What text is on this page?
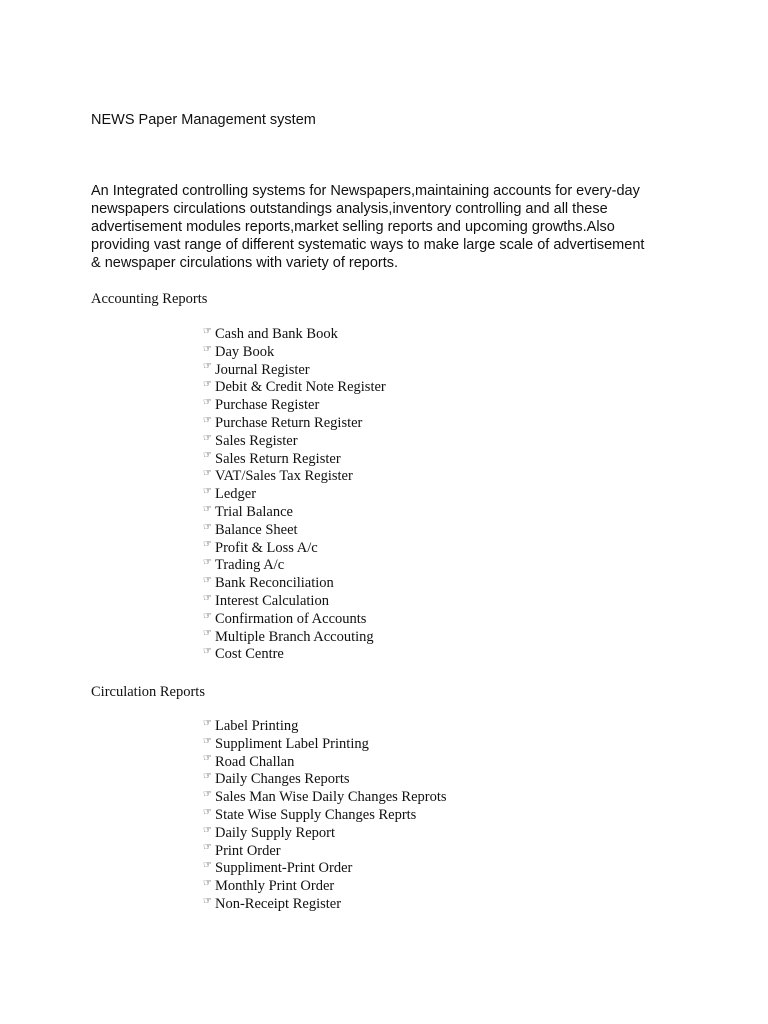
NEWS Paper Management system
An Integrated controlling systems for Newspapers,maintaining accounts for every-day
newspapers circulations outstandings analysis,inventory controlling and all these
advertisement modules reports,market selling reports and upcoming growths.Also
providing vast range of different systematic ways to make large scale of advertisement
& newspaper circulations with variety of reports.
Accounting Reports
☞ Cash and Bank Book
☞ Day Book
☞ Journal Register
☞ Debit & Credit Note Register
☞ Purchase Register
☞ Purchase Return Register
☞ Sales Register
☞ Sales Return Register
☞ VAT/Sales Tax Register
☞ Ledger
☞ Trial Balance
☞ Balance Sheet
☞ Profit & Loss A/c
☞ Trading A/c
☞ Bank Reconciliation
☞ Interest Calculation
☞ Confirmation of Accounts
☞ Multiple Branch Accouting
☞ Cost Centre
Circulation Reports
☞ Label Printing
☞ Suppliment Label Printing
☞ Road Challan
☞ Daily Changes Reports
☞ Sales Man Wise Daily Changes Reprots
☞ State Wise Supply Changes Reprts
☞ Daily Supply Report
☞ Print Order
☞ Suppliment-Print Order
☞ Monthly Print Order
☞ Non-Receipt Register
